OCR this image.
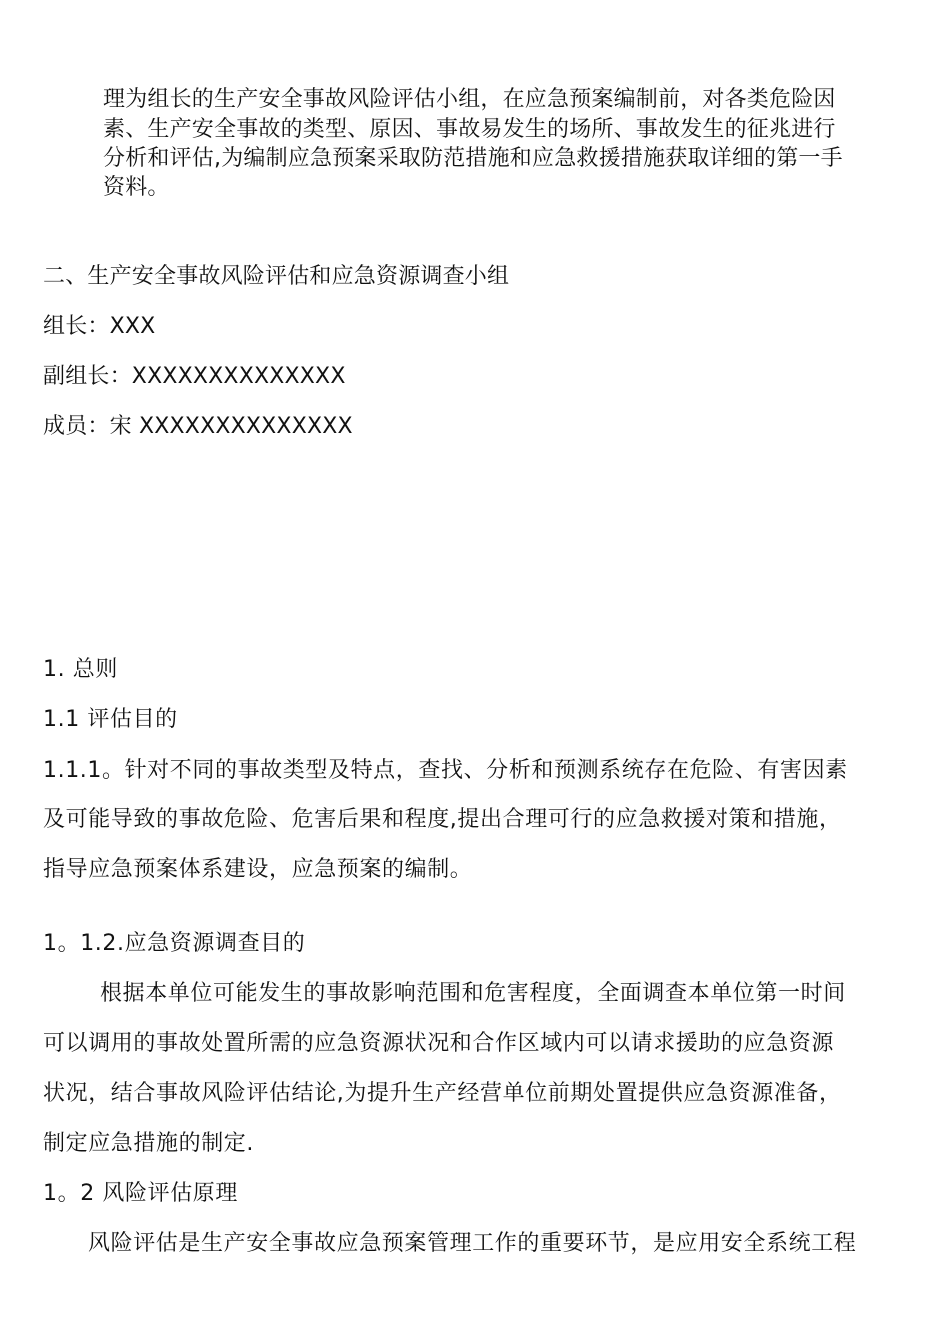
理为组长的生产安全事故风险评估小组，在应急预案编制前，对各类危险因
素、生产安全事故的类型、原因、事故易发生的场所、事故发生的征兆进行
分析和评估,为编制应急预案采取防范措施和应急救援措施获取详细的第一手
资料。
二、生产安全事故风险评估和应急资源调查小组
组长：XXX
副组长：XXXXXXXXXXXXXX
成员：宋 XXXXXXXXXXXXXX
1. 总则
1.1 评估目的
1.1.1。针对不同的事故类型及特点，查找、分析和预测系统存在危险、有害因素
及可能导致的事故危险、危害后果和程度,提出合理可行的应急救援对策和措施，
指导应急预案体系建设，应急预案的编制。
1。1.2.应急资源调查目的
根据本单位可能发生的事故影响范围和危害程度，全面调查本单位第一时间
可以调用的事故处置所需的应急资源状况和合作区域内可以请求援助的应急资源
状况，结合事故风险评估结论,为提升生产经营单位前期处置提供应急资源准备，
制定应急措施的制定.
1。2 风险评估原理
风险评估是生产安全事故应急预案管理工作的重要环节，是应用安全系统工程
